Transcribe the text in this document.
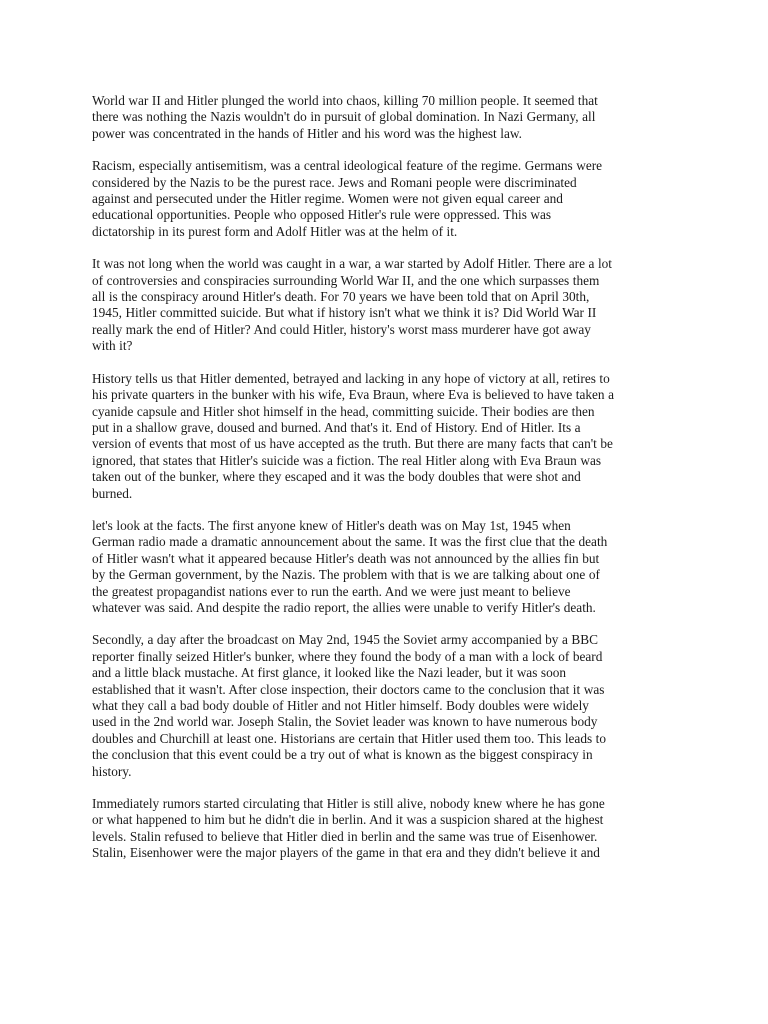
World war II and Hitler plunged the world into chaos, killing 70 million people. It seemed that
there was nothing the Nazis wouldn't do in pursuit of global domination. In Nazi Germany, all
power was concentrated in the hands of Hitler and his word was the highest law.

Racism, especially antisemitism, was a central ideological feature of the regime. Germans were
considered by the Nazis to be the purest race. Jews and Romani people were discriminated
against and persecuted under the Hitler regime. Women were not given equal career and
educational opportunities. People who opposed Hitler's rule were oppressed. This was
dictatorship in its purest form and Adolf Hitler was at the helm of it.

It was not long when the world was caught in a war, a war started by Adolf Hitler. There are a lot
of controversies and conspiracies surrounding World War II, and the one which surpasses them
all is the conspiracy around Hitler's death. For 70 years we have been told that on April 30th,
1945, Hitler committed suicide. But what if history isn't what we think it is? Did World War II
really mark the end of Hitler? And could Hitler, history's worst mass murderer have got away
with it?

History tells us that Hitler demented, betrayed and lacking in any hope of victory at all, retires to
his private quarters in the bunker with his wife, Eva Braun, where Eva is believed to have taken a
cyanide capsule and Hitler shot himself in the head, committing suicide. Their bodies are then
put in a shallow grave, doused and burned. And that's it. End of History. End of Hitler. Its a
version of events that most of us have accepted as the truth. But there are many facts that can't be
ignored, that states that Hitler's suicide was a fiction. The real Hitler along with Eva Braun was
taken out of the bunker, where they escaped and it was the body doubles that were shot and
burned.

let's look at the facts. The first anyone knew of Hitler's death was on May 1st, 1945 when
German radio made a dramatic announcement about the same. It was the first clue that the death
of Hitler wasn't what it appeared because Hitler's death was not announced by the allies fin but
by the German government, by the Nazis. The problem with that is we are talking about one of
the greatest propagandist nations ever to run the earth. And we were just meant to believe
whatever was said. And despite the radio report, the allies were unable to verify Hitler's death.

Secondly, a day after the broadcast on May 2nd, 1945 the Soviet army accompanied by a BBC
reporter finally seized Hitler's bunker, where they found the body of a man with a lock of beard
and a little black mustache. At first glance, it looked like the Nazi leader, but it was soon
established that it wasn't. After close inspection, their doctors came to the conclusion that it was
what they call a bad body double of Hitler and not Hitler himself. Body doubles were widely
used in the 2nd world war. Joseph Stalin, the Soviet leader was known to have numerous body
doubles and Churchill at least one. Historians are certain that Hitler used them too. This leads to
the conclusion that this event could be a try out of what is known as the biggest conspiracy in
history.

Immediately rumors started circulating that Hitler is still alive, nobody knew where he has gone
or what happened to him but he didn't die in berlin. And it was a suspicion shared at the highest
levels. Stalin refused to believe that Hitler died in berlin and the same was true of Eisenhower.
Stalin, Eisenhower were the major players of the game in that era and they didn't believe it and
